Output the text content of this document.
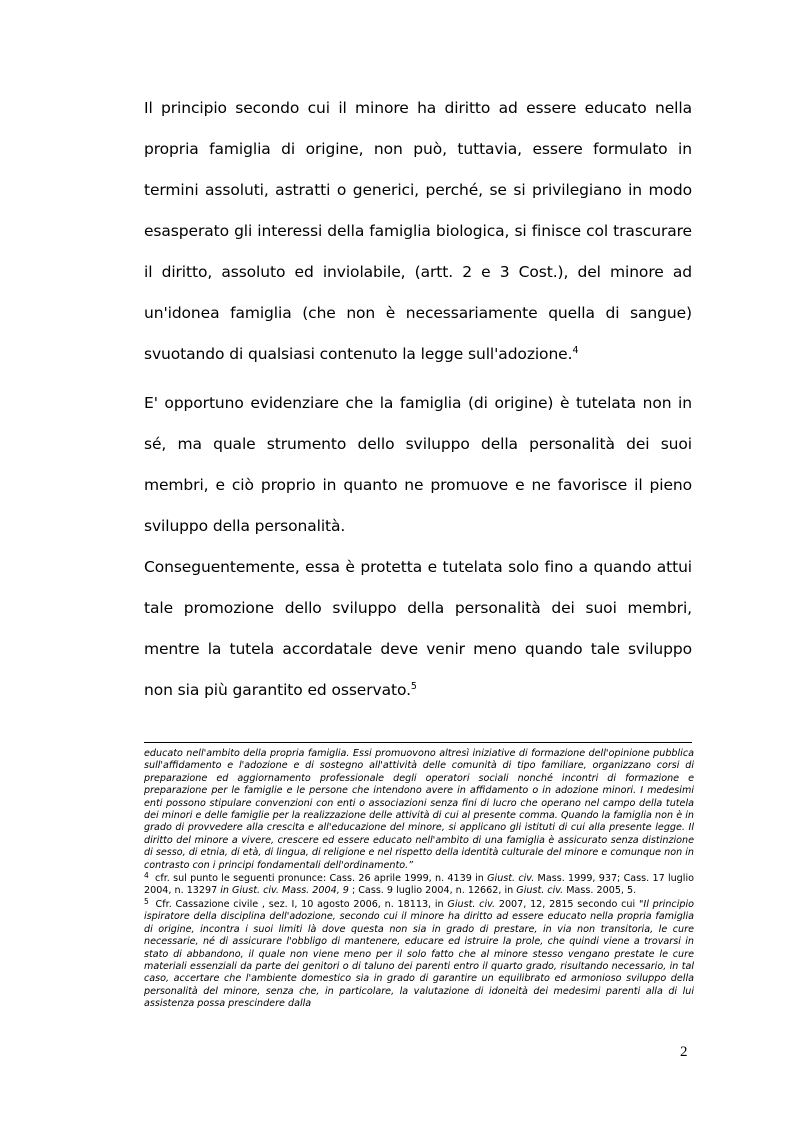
Il principio secondo cui il minore ha diritto ad essere educato nella propria famiglia di origine, non può, tuttavia, essere formulato in termini assoluti, astratti o generici, perché, se si privilegiano in modo esasperato gli interessi della famiglia biologica, si finisce col trascurare il diritto, assoluto ed inviolabile, (artt. 2 e 3 Cost.), del minore ad un'idonea famiglia (che non è necessariamente quella di sangue) svuotando di qualsiasi contenuto la legge sull'adozione.$^4$

E' opportuno evidenziare che la famiglia (di origine) è tutelata non in sé, ma quale strumento dello sviluppo della personalità dei suoi membri, e ciò proprio in quanto ne promuove e ne favorisce il pieno sviluppo della personalità.

Conseguentemente, essa è protetta e tutelata solo fino a quando attui tale promozione dello sviluppo della personalità dei suoi membri, mentre la tutela accordatale deve venir meno quando tale sviluppo non sia più garantito ed osservato.$^5$

educato nell'ambito della propria famiglia. Essi promuovono altresì iniziative di formazione dell'opinione pubblica sull'affidamento e l'adozione e di sostegno all'attività delle comunità di tipo familiare, organizzano corsi di preparazione ed aggiornamento professionale degli operatori sociali nonché incontri di formazione e preparazione per le famiglie e le persone che intendono avere in affidamento o in adozione minori. I medesimi enti possono stipulare convenzioni con enti o associazioni senza fini di lucro che operano nel campo della tutela dei minori e delle famiglie per la realizzazione delle attività di cui al presente comma. Quando la famiglia non è in grado di provvedere alla crescita e all'educazione del minore, si applicano gli istituti di cui alla presente legge. Il diritto del minore a vivere, crescere ed essere educato nell'ambito di una famiglia è assicurato senza distinzione di sesso, di etnia, di età, di lingua, di religione e nel rispetto della identità culturale del minore e comunque non in contrasto con i principi fondamentali dell'ordinamento.”

$^4$ cfr. sul punto le seguenti pronunce: Cass. 26 aprile 1999, n. 4139 in Giust. civ. Mass. 1999, 937; Cass. 17 luglio 2004, n. 13297 in Giust. civ. Mass. 2004, 9 ; Cass. 9 luglio 2004, n. 12662, in Giust. civ. Mass. 2005, 5.

$^5$ Cfr. Cassazione civile , sez. I, 10 agosto 2006, n. 18113, in Giust. civ. 2007, 12, 2815 secondo cui "Il principio ispiratore della disciplina dell'adozione, secondo cui il minore ha diritto ad essere educato nella propria famiglia di origine, incontra i suoi limiti là dove questa non sia in grado di prestare, in via non transitoria, le cure necessarie, né di assicurare l'obbligo di mantenere, educare ed istruire la prole, che quindi viene a trovarsi in stato di abbandono, il quale non viene meno per il solo fatto che al minore stesso vengano prestate le cure materiali essenziali da parte dei genitori o di taluno dei parenti entro il quarto grado, risultando necessario, in tal caso, accertare che l'ambiente domestico sia in grado di garantire un equilibrato ed armonioso sviluppo della personalità del minore, senza che, in particolare, la valutazione di idoneità dei medesimi parenti alla di lui assistenza possa prescindere dalla

2
